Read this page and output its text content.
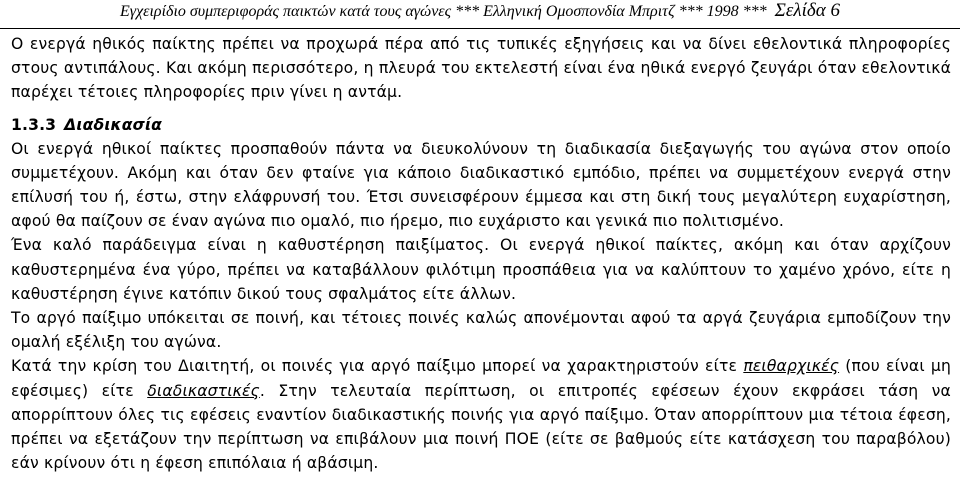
Εγχειρίδιο συμπεριφοράς παικτών κατά τους αγώνες *** Ελληνική Ομοσπονδία Μπριτζ *** 1998 *** Σελίδα 6

Ο ενεργά ηθικός παίκτης πρέπει να προχωρά πέρα από τις τυπικές εξηγήσεις και να δίνει εθελοντικά πληροφορίες στους αντιπάλους. Και ακόμη περισσότερο, η πλευρά του εκτελεστή είναι ένα ηθικά ενεργό ζευγάρι όταν εθελοντικά παρέχει τέτοιες πληροφορίες πριν γίνει η αντάμ.

1.3.3 Διαδικασία

Οι ενεργά ηθικοί παίκτες προσπαθούν πάντα να διευκολύνουν τη διαδικασία διεξαγωγής του αγώνα στον οποίο συμμετέχουν. Ακόμη και όταν δεν φταίνε για κάποιο διαδικαστικό εμπόδιο, πρέπει να συμμετέχουν ενεργά στην επίλυσή του ή, έστω, στην ελάφρυνσή του. Έτσι συνεισφέρουν έμμεσα και στη δική τους μεγαλύτερη ευχαρίστηση, αφού θα παίζουν σε έναν αγώνα πιο ομαλό, πιο ήρεμο, πιο ευχάριστο και γενικά πιο πολιτισμένο.

Ένα καλό παράδειγμα είναι η καθυστέρηση παιξίματος. Οι ενεργά ηθικοί παίκτες, ακόμη και όταν αρχίζουν καθυστερημένα ένα γύρο, πρέπει να καταβάλλουν φιλότιμη προσπάθεια για να καλύπτουν το χαμένο χρόνο, είτε η καθυστέρηση έγινε κατόπιν δικού τους σφαλμάτος είτε άλλων.

Το αργό παίξιμο υπόκειται σε ποινή, και τέτοιες ποινές καλώς απονέμονται αφού τα αργά ζευγάρια εμποδίζουν την ομαλή εξέλιξη του αγώνα.

Κατά την κρίση του Διαιτητή, οι ποινές για αργό παίξιμο μπορεί να χαρακτηριστούν είτε πειθαρχικές (που είναι μη εφέσιμες) είτε διαδικαστικές. Στην τελευταία περίπτωση, οι επιτροπές εφέσεων έχουν εκφράσει τάση να απορρίπτουν όλες τις εφέσεις εναντίον διαδικαστικής ποινής για αργό παίξιμο. Όταν απορρίπτουν μια τέτοια έφεση, πρέπει να εξετάζουν την περίπτωση να επιβάλουν μια ποινή ΠΟΕ (είτε σε βαθμούς είτε κατάσχεση του παραβόλου) εάν κρίνουν ότι η έφεση επιπόλαια ή αβάσιμη.
